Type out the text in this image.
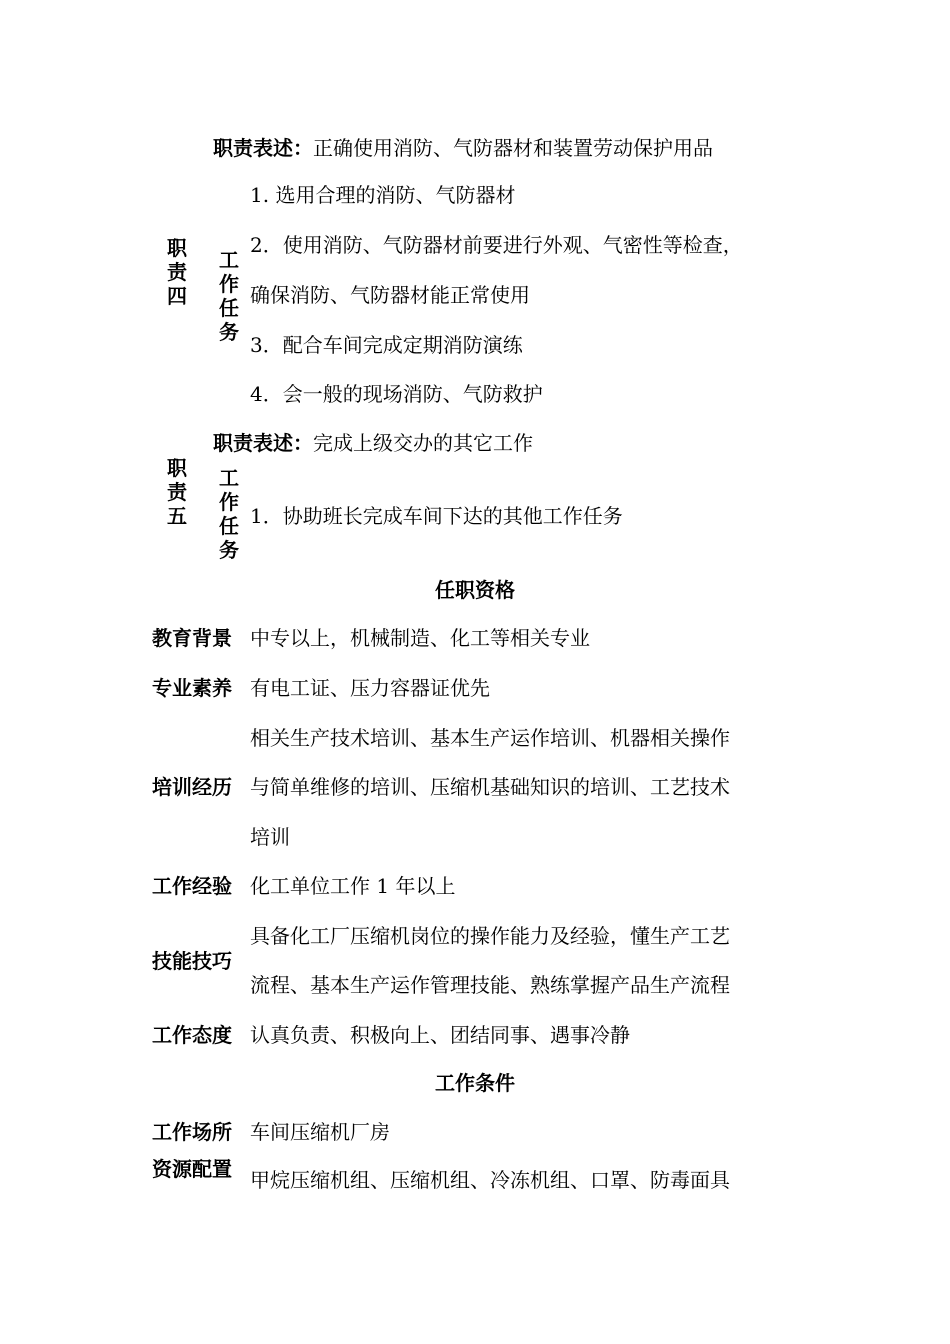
职责表述：正确使用消防、气防器材和装置劳动保护用品
职
责
四
工
作
任
务
1. 选用合理的消防、气防器材
2．使用消防、气防器材前要进行外观、气密性等检查，
确保消防、气防器材能正常使用
3．配合车间完成定期消防演练
4．会一般的现场消防、气防救护
职责表述：完成上级交办的其它工作
职
责
五
工
作
任
务
1．协助班长完成车间下达的其他工作任务
任职资格
教育背景 中专以上，机械制造、化工等相关专业
专业素养 有电工证、压力容器证优先
相关生产技术培训、基本生产运作培训、机器相关操作
培训经历 与简单维修的培训、压缩机基础知识的培训、工艺技术
培训
工作经验 化工单位工作 1 年以上
具备化工厂压缩机岗位的操作能力及经验，懂生产工艺
技能技巧
流程、基本生产运作管理技能、熟练掌握产品生产流程
工作态度 认真负责、积极向上、团结同事、遇事冷静
工作条件
工作场所 车间压缩机厂房
资源配置 甲烷压缩机组、压缩机组、冷冻机组、口罩、防毒面具
